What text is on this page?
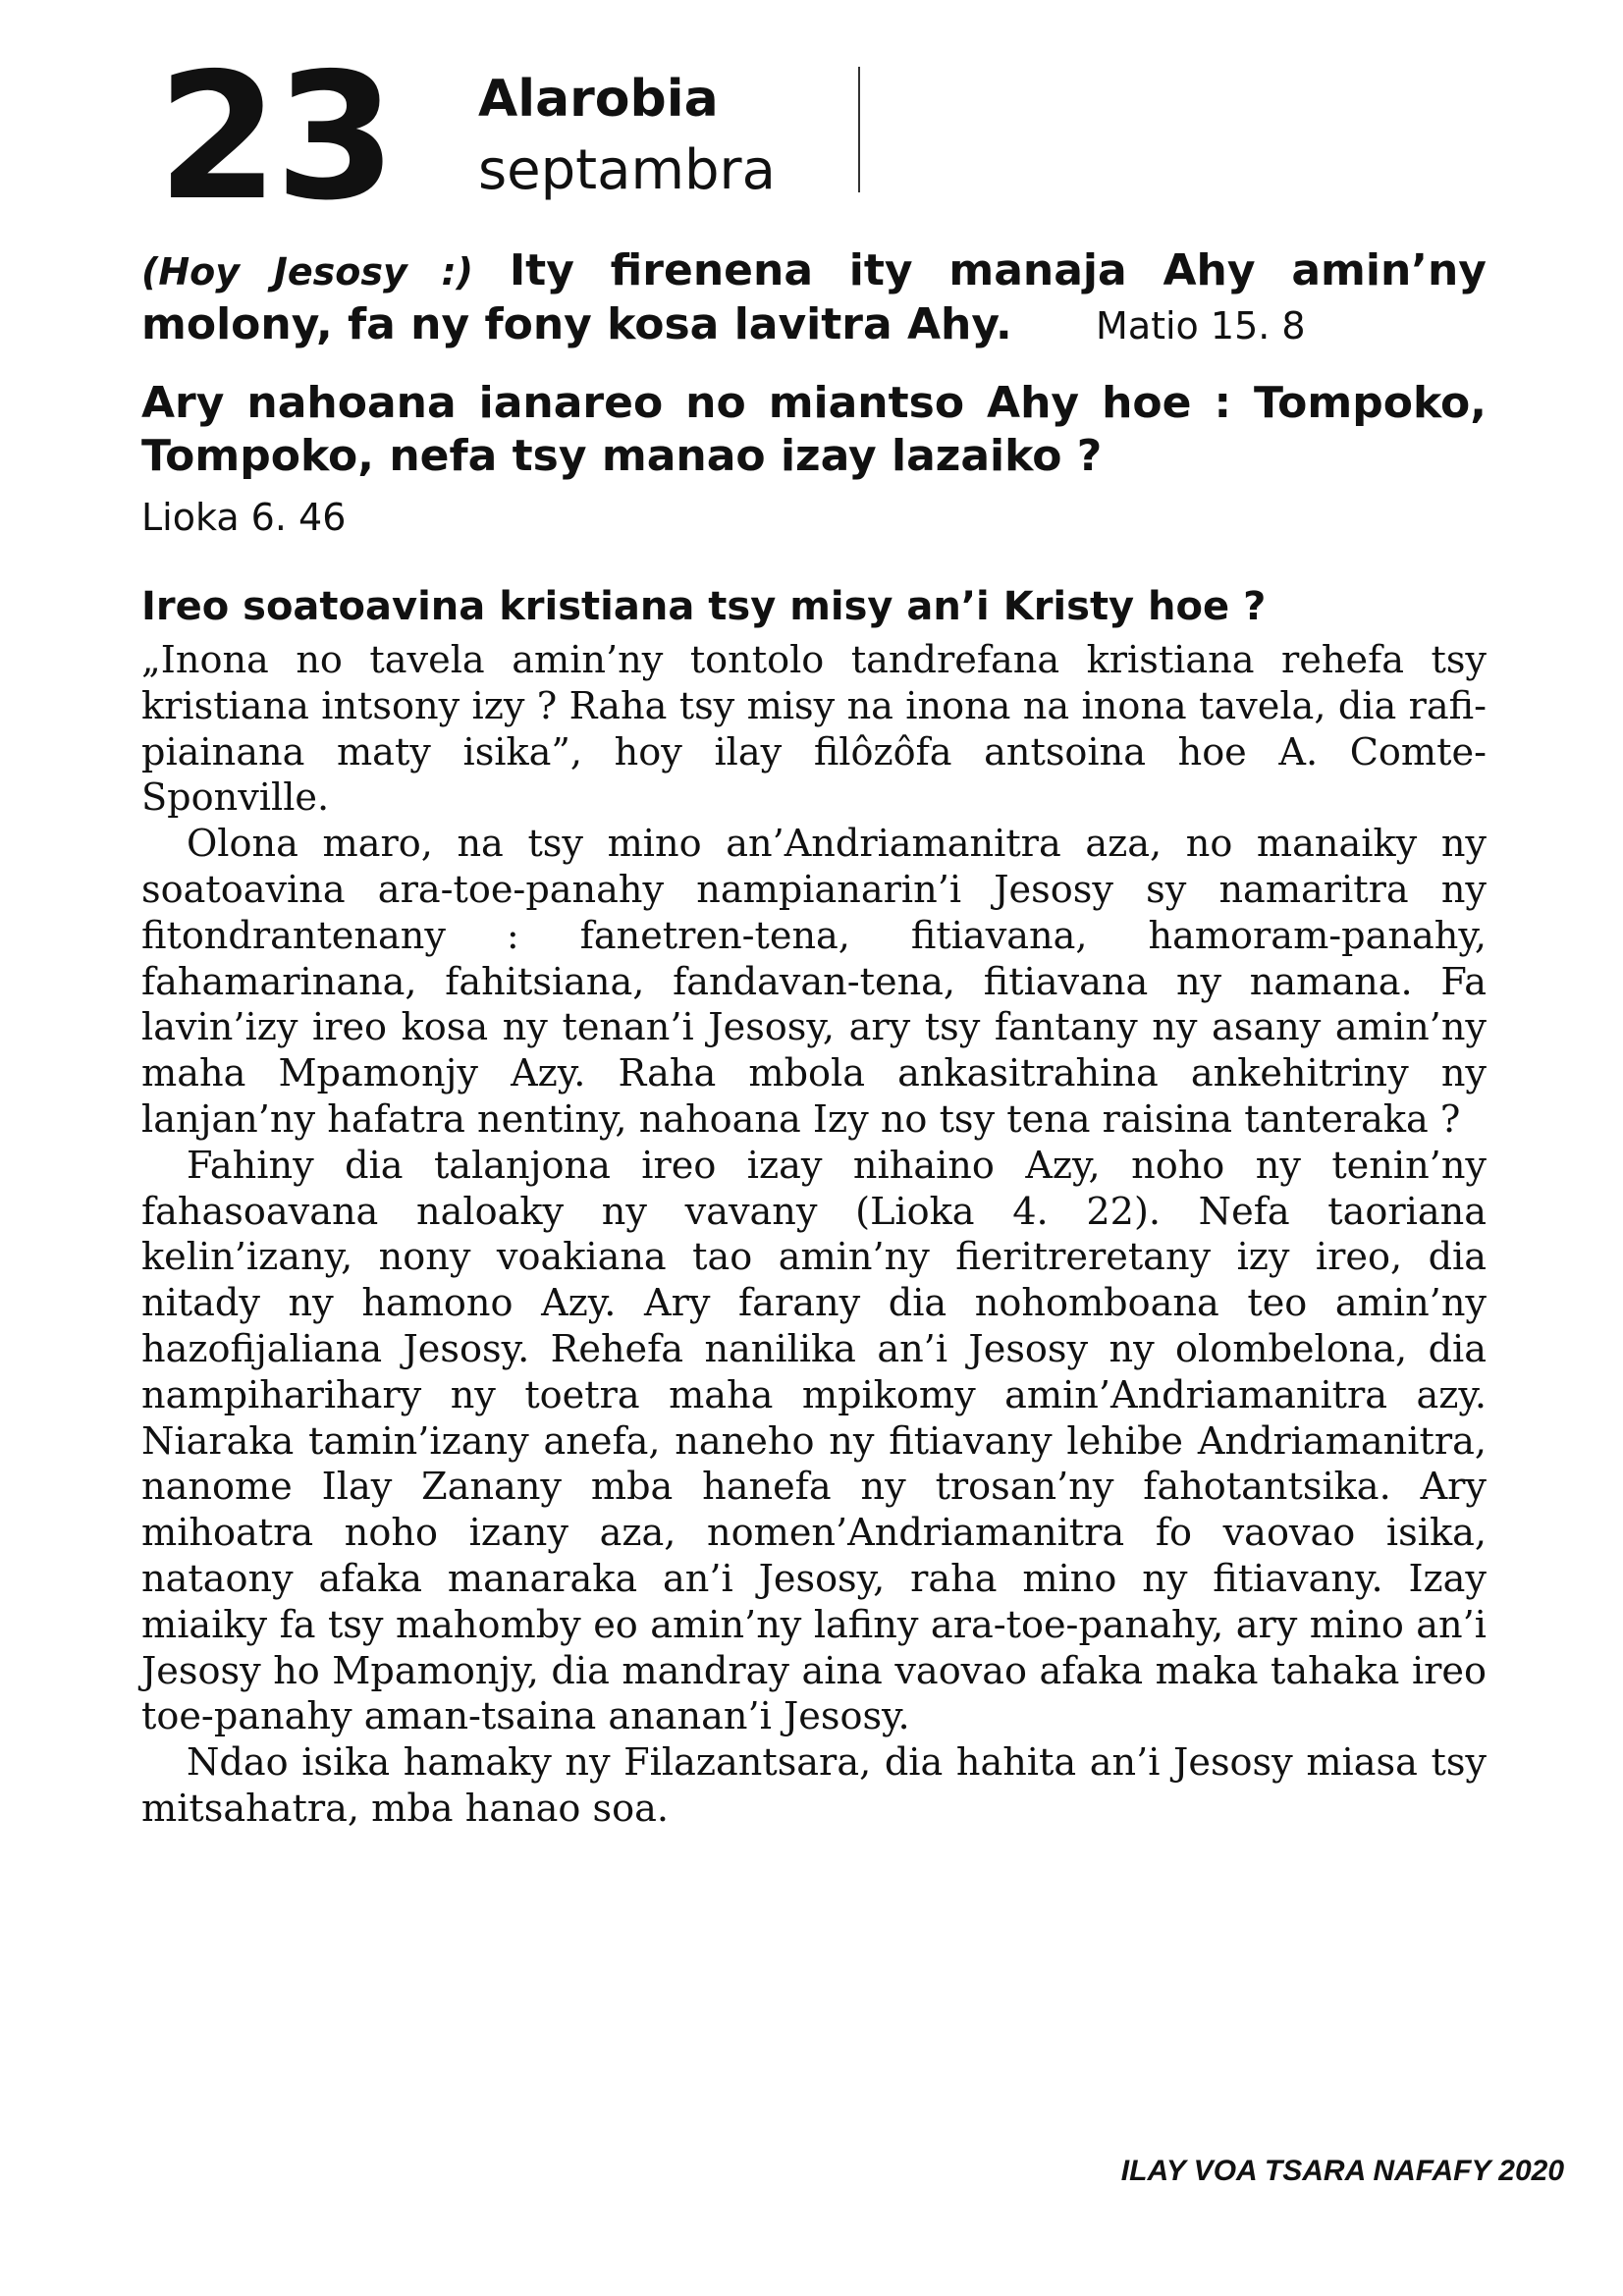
23 Alarobia
septambra
(Hoy Jesosy :) Ity firenena ity manaja Ahy amin’ny molony, fa ny fony kosa lavitra Ahy. Matio 15. 8
Ary nahoana ianareo no miantso Ahy hoe : Tompoko, Tompoko, nefa tsy manao izay lazaiko ?
Lioka 6. 46
Ireo soatoavina kristiana tsy misy an’i Kristy hoe ?

„Inona no tavela amin’ny tontolo tandrefana kristiana rehefa tsy kristiana intsony izy ? Raha tsy misy na inona na inona tavela, dia rafi-piainana maty isika”, hoy ilay filôzôfa antsoina hoe A. Comte-Sponville.

Olona maro, na tsy mino an’Andriamanitra aza, no manaiky ny soatoavina ara-toe-panahy nampianarin’i Jesosy sy namaritra ny fitondrantenany : fanetren-tena, fitiavana, hamoram-panahy, fahamarinana, fahitsiana, fandavan-tena, fitiavana ny namana. Fa lavin’izy ireo kosa ny tenan’i Jesosy, ary tsy fantany ny asany amin’ny maha Mpamonjy Azy. Raha mbola ankasitrahina ankehitriny ny lanjan’ny hafatra nentiny, nahoana Izy no tsy tena raisina tanteraka ?

Fahiny dia talanjona ireo izay nihaino Azy, noho ny tenin’ny fahasoavana naloaky ny vavany (Lioka 4. 22). Nefa taoriana kelin’izany, nony voakiana tao amin’ny fieritreretany izy ireo, dia nitady ny hamono Azy. Ary farany dia nohomboana teo amin’ny hazofijaliana Jesosy. Rehefa nanilika an’i Jesosy ny olombelona, dia nampiharihary ny toetra maha mpikomy amin’Andriamanitra azy. Niaraka tamin’izany anefa, naneho ny fitiavany lehibe Andriamanitra, nanome Ilay Zanany mba hanefa ny trosan’ny fahotantsika. Ary mihoatra noho izany aza, nomen’Andriamanitra fo vaovao isika, nataony afaka manaraka an’i Jesosy, raha mino ny fitiavany. Izay miaiky fa tsy mahomby eo amin’ny lafiny ara-toe-panahy, ary mino an’i Jesosy ho Mpamonjy, dia mandray aina vaovao afaka maka tahaka ireo toe-panahy aman-tsaina ananan’i Jesosy.

Ndao isika hamaky ny Filazantsara, dia hahita an’i Jesosy miasa tsy mitsahatra, mba hanao soa.

ILAY VOA TSARA NAFAFY 2020
